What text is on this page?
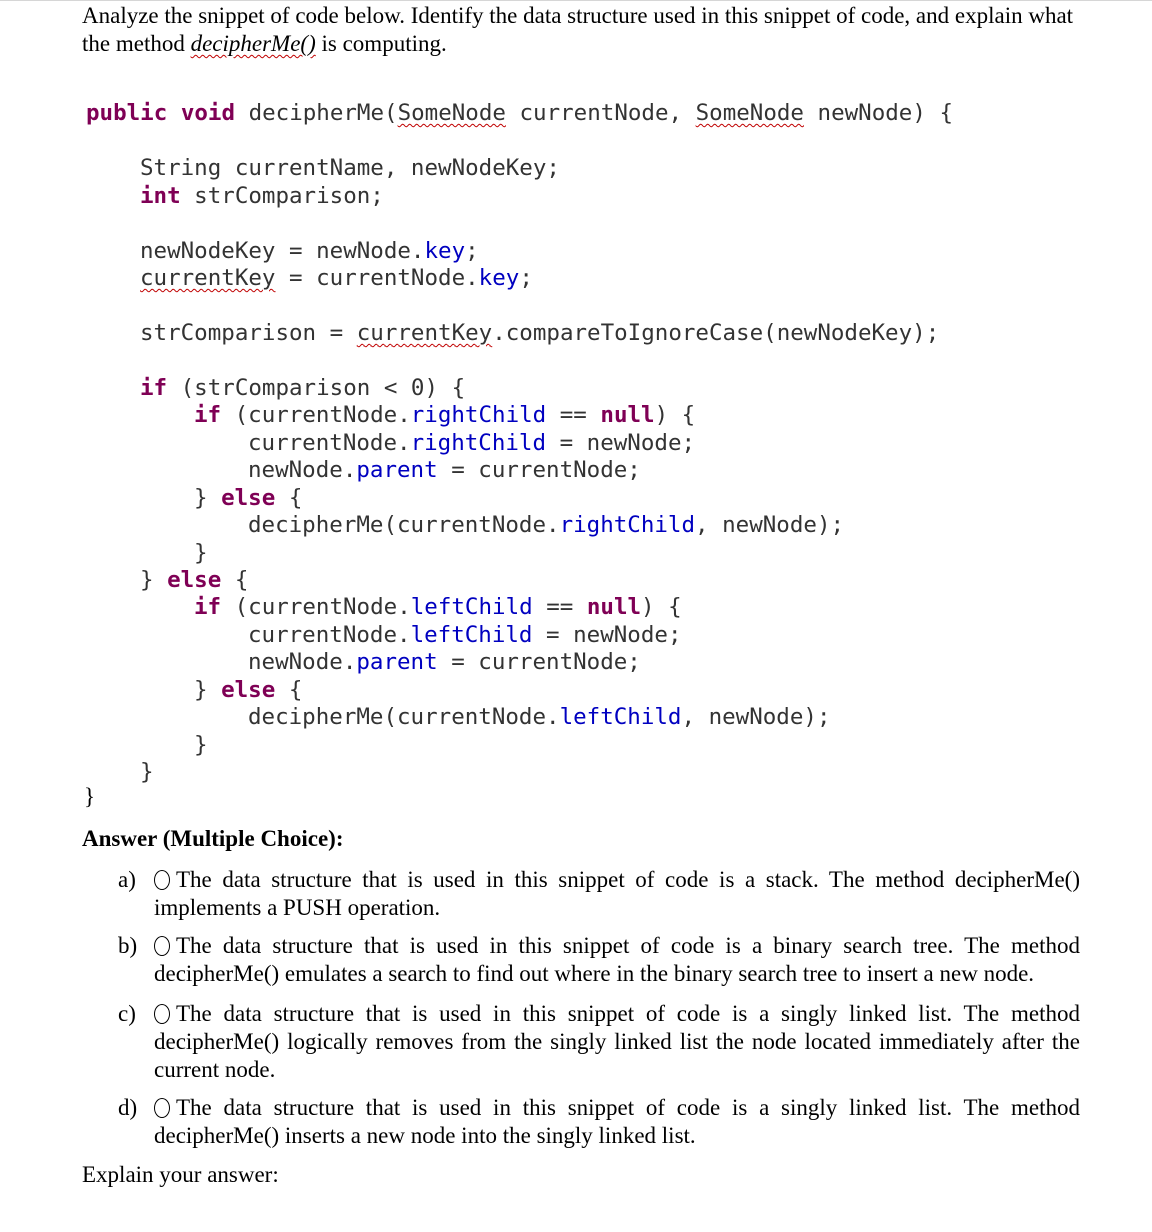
Analyze the snippet of code below. Identify the data structure used in this snippet of code, and explain what the method decipherMe() is computing.
public void decipherMe(SomeNode currentNode, SomeNode newNode) {
String currentName, newNodeKey;
int strComparison;
newNodeKey = newNode.key;
currentKey = currentNode.key;
strComparison = currentKey.compareToIgnoreCase(newNodeKey);
if (strComparison < 0) {
if (currentNode.rightChild == null) {
currentNode.rightChild = newNode;
newNode.parent = currentNode;
} else {
decipherMe(currentNode.rightChild, newNode);
}
} else {
if (currentNode.leftChild == null) {
currentNode.leftChild = newNode;
newNode.parent = currentNode;
} else {
decipherMe(currentNode.leftChild, newNode);
}
}
}
Answer (Multiple Choice):
a)	The data structure that is used in this snippet of code is a stack. The method decipherMe() implements a PUSH operation.
b)	The data structure that is used in this snippet of code is a binary search tree. The method decipherMe() emulates a search to find out where in the binary search tree to insert a new node.
c)	The data structure that is used in this snippet of code is a singly linked list. The method decipherMe() logically removes from the singly linked list the node located immediately after the current node.
d)	The data structure that is used in this snippet of code is a singly linked list. The method decipherMe() inserts a new node into the singly linked list.
Explain your answer:
